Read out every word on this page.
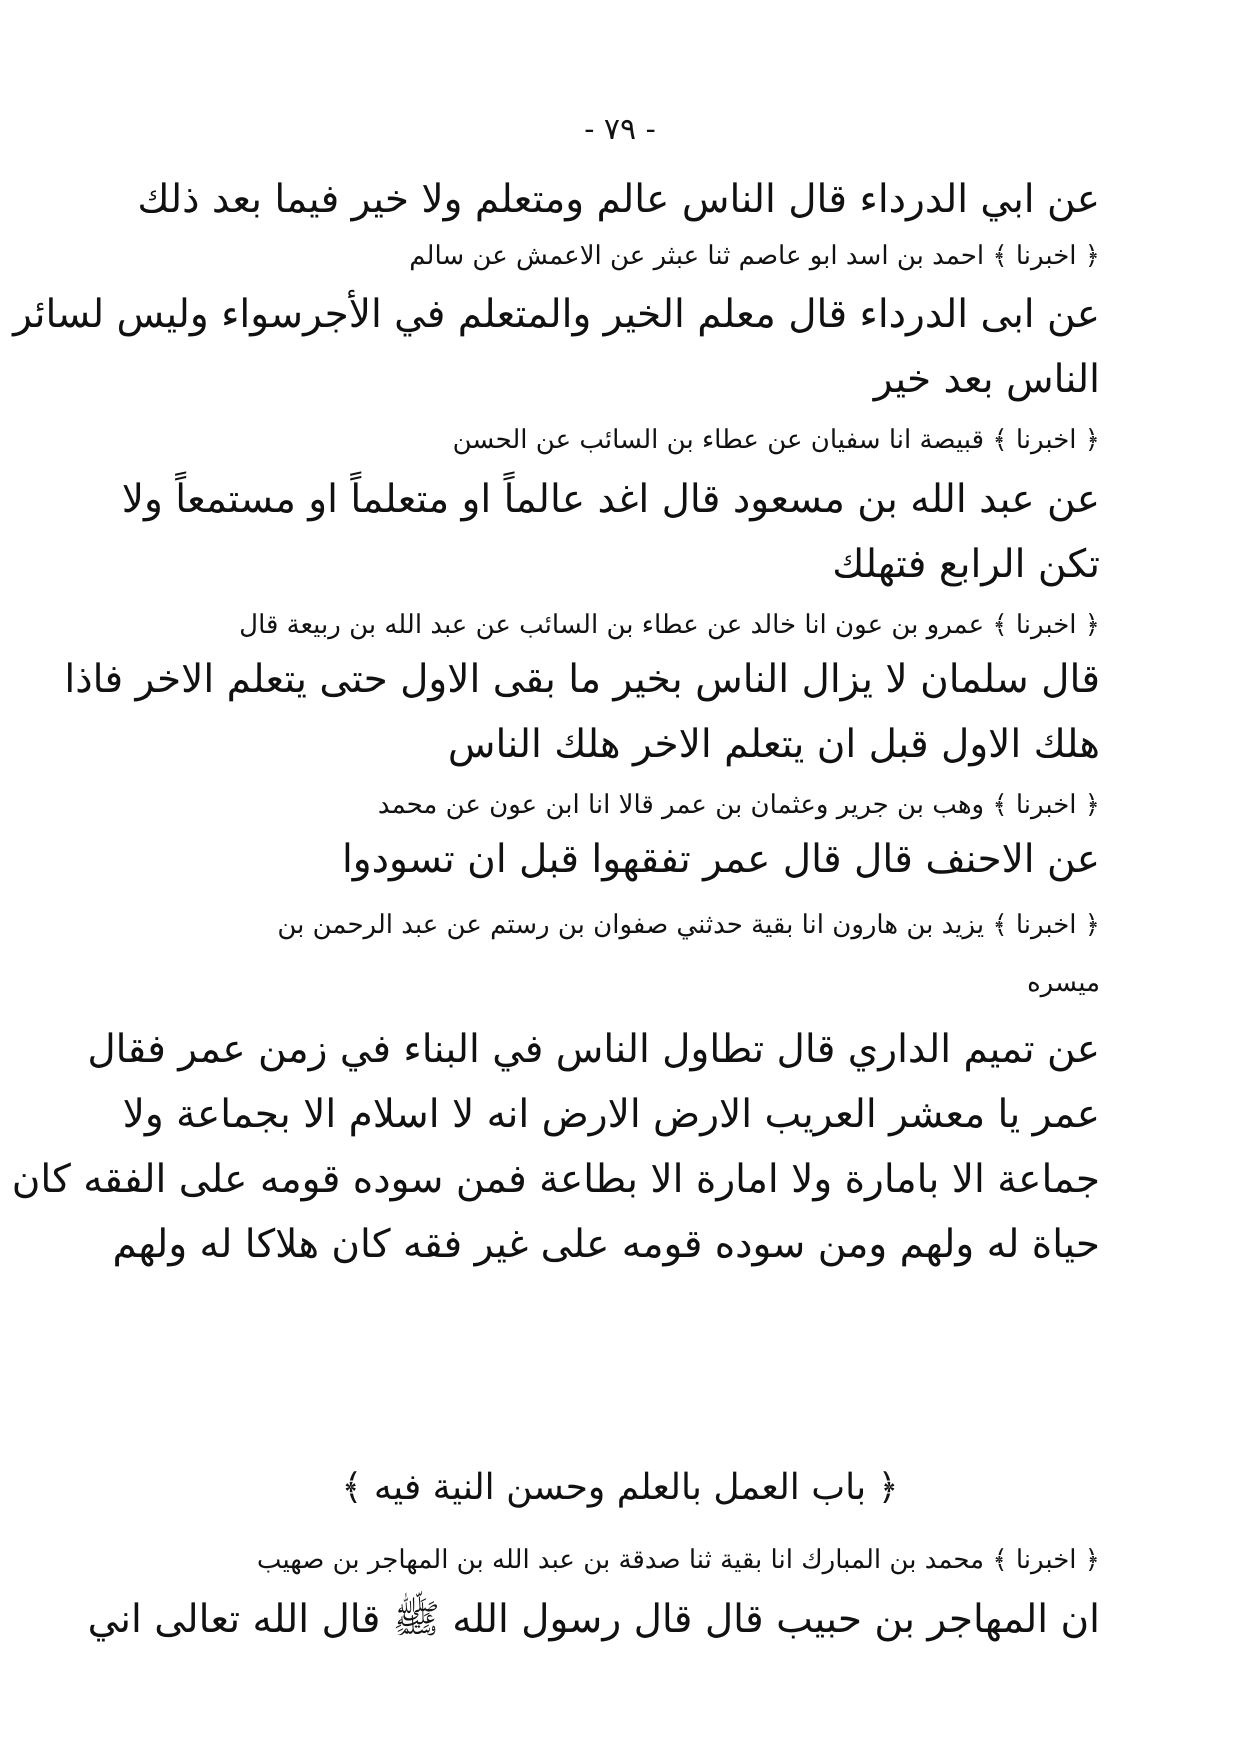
- ٧٩ -
عن ابي الدرداء قال الناس عالم ومتعلم ولا خير فيما بعد ذلك
﴿ اخبرنا ﴾ احمد بن اسد ابو عاصم ثنا عبثر عن الاعمش عن سالم
عن ابى الدرداء قال معلم الخير والمتعلم في الأجرسواء وليس لسائر
الناس بعد خير
﴿ اخبرنا ﴾ قبيصة انا سفيان عن عطاء بن السائب عن الحسن
عن عبد الله بن مسعود قال اغد عالماً او متعلماً او مستمعاً ولا
تكن الرابع فتهلك
﴿ اخبرنا ﴾ عمرو بن عون انا خالد عن عطاء بن السائب عن عبد الله بن ربيعة قال
قال سلمان لا يزال الناس بخير ما بقى الاول حتى يتعلم الاخر فاذا
هلك الاول قبل ان يتعلم الاخر هلك الناس
﴿ اخبرنا ﴾ وهب بن جرير وعثمان بن عمر قالا انا ابن عون عن محمد
عن الاحنف قال قال عمر تفقهوا قبل ان تسودوا
﴿ اخبرنا ﴾ يزيد بن هارون انا بقية حدثني صفوان بن رستم عن عبد الرحمن بن
ميسره
عن تميم الداري قال تطاول الناس في البناء في زمن عمر فقال
عمر يا معشر العريب الارض الارض انه لا اسلام الا بجماعة ولا
جماعة الا بامارة ولا امارة الا بطاعة فمن سوده قومه على الفقه كان
حياة له ولهم ومن سوده قومه على غير فقه كان هلاكا له ولهم
﴿ باب العمل بالعلم وحسن النية فيه ﴾
﴿ اخبرنا ﴾ محمد بن المبارك انا بقية ثنا صدقة بن عبد الله بن المهاجر بن صهيب
ان المهاجر بن حبيب قال قال رسول الله ﷺ قال الله تعالى اني
